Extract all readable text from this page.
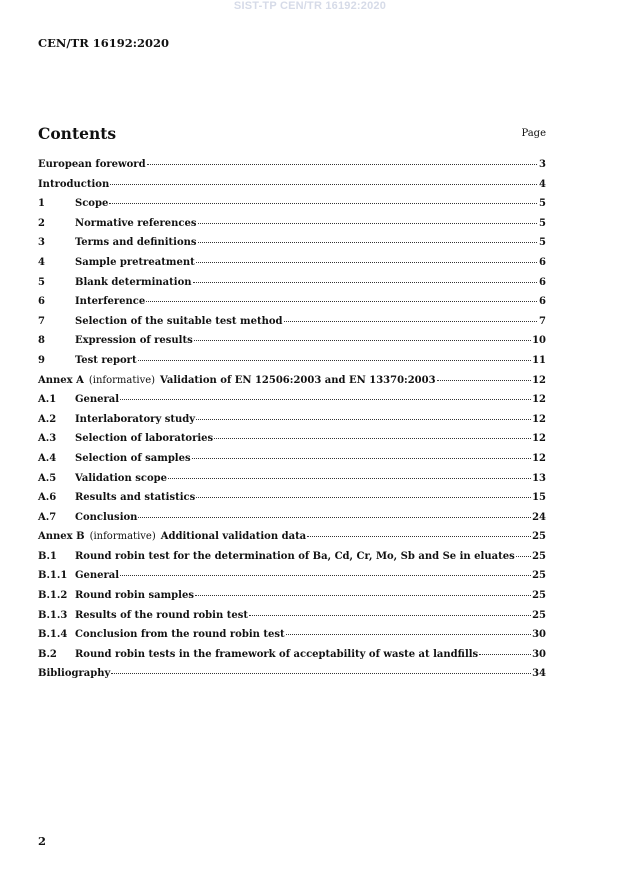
SIST-TP CEN/TR 16192:2020
CEN/TR 16192:2020
Contents	Page
European foreword	3
Introduction	4
1	Scope	5
2	Normative references	5
3	Terms and definitions	5
4	Sample pretreatment	6
5	Blank determination	6
6	Interference	6
7	Selection of the suitable test method	7
8	Expression of results	10
9	Test report	11
Annex A (informative) Validation of EN 12506:2003 and EN 13370:2003	12
A.1	General	12
A.2	Interlaboratory study	12
A.3	Selection of laboratories	12
A.4	Selection of samples	12
A.5	Validation scope	13
A.6	Results and statistics	15
A.7	Conclusion	24
Annex B (informative) Additional validation data	25
B.1	Round robin test for the determination of Ba, Cd, Cr, Mo, Sb and Se in eluates 25
B.1.1 General	25
B.1.2 Round robin samples	25
B.1.3 Results of the round robin test	25
B.1.4 Conclusion from the round robin test	30
B.2	Round robin tests in the framework of acceptability of waste at landfills	30
Bibliography	34
2
